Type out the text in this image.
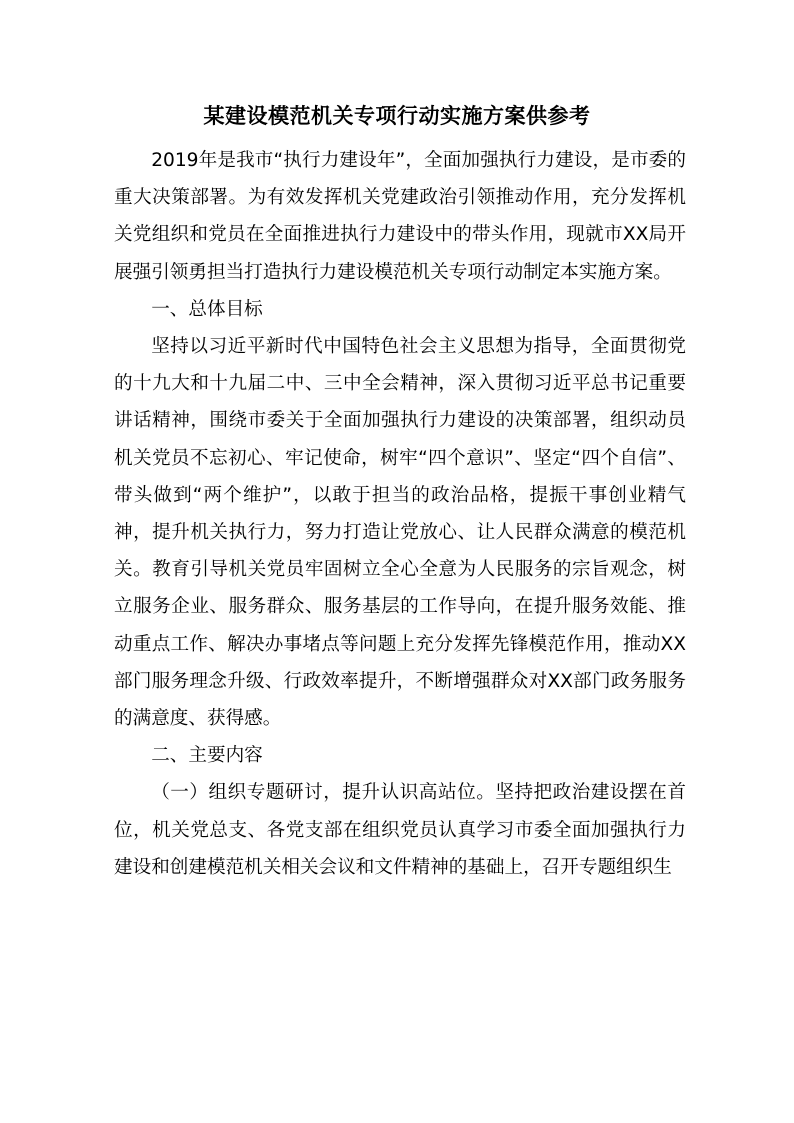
某建设模范机关专项行动实施方案供参考

2019年是我市“执行力建设年”，全面加强执行力建设，是市委的重大决策部署。为有效发挥机关党建政治引领推动作用，充分发挥机关党组织和党员在全面推进执行力建设中的带头作用，现就市XX局开展强引领勇担当打造执行力建设模范机关专项行动制定本实施方案。

一、总体目标

坚持以习近平新时代中国特色社会主义思想为指导，全面贯彻党的十九大和十九届二中、三中全会精神，深入贯彻习近平总书记重要讲话精神，围绕市委关于全面加强执行力建设的决策部署，组织动员机关党员不忘初心、牢记使命，树牢“四个意识”、坚定“四个自信”、带头做到“两个维护”，以敢于担当的政治品格，提振干事创业精气神，提升机关执行力，努力打造让党放心、让人民群众满意的模范机关。教育引导机关党员牢固树立全心全意为人民服务的宗旨观念，树立服务企业、服务群众、服务基层的工作导向，在提升服务效能、推动重点工作、解决办事堵点等问题上充分发挥先锋模范作用，推动XX部门服务理念升级、行政效率提升，不断增强群众对XX部门政务服务的满意度、获得感。

二、主要内容

（一）组织专题研讨，提升认识高站位。坚持把政治建设摆在首位，机关党总支、各党支部在组织党员认真学习市委全面加强执行力建设和创建模范机关相关会议和文件精神的基础上，召开专题组织生
